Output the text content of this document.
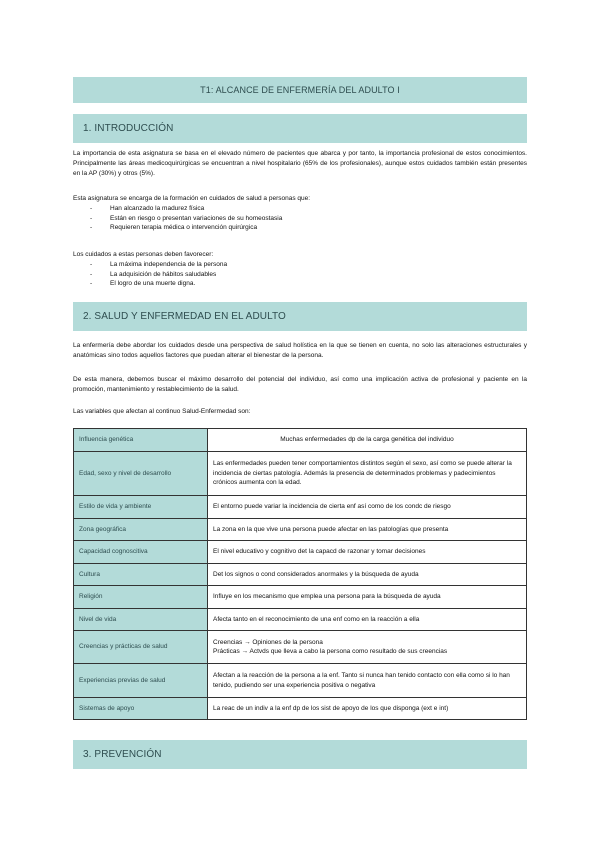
T1: ALCANCE DE ENFERMERÍA DEL ADULTO I
1. INTRODUCCIÓN
La importancia de esta asignatura se basa en el elevado número de pacientes que abarca y por tanto, la importancia profesional de estos conocimientos. Principalmente las áreas medicoquirúrgicas se encuentran a nivel hospitalario (65% de los profesionales), aunque estos cuidados también están presentes en la AP (30%) y otros (5%).
Esta asignatura se encarga de la formación en cuidados de salud a personas que:
-	Han alcanzado la madurez física
-	Están en riesgo o presentan variaciones de su homeostasia
-	Requieren terapia médica o intervención quirúrgica
Los cuidados a estas personas deben favorecer:
-	La máxima independencia de la persona
-	La adquisición de hábitos saludables
-	El logro de una muerte digna.
2. SALUD Y ENFERMEDAD EN EL ADULTO
La enfermería debe abordar los cuidados desde una perspectiva de salud holística en la que se tienen en cuenta, no solo las alteraciones estructurales y anatómicas sino todos aquellos factores que puedan alterar el bienestar de la persona.
De esta manera, debemos buscar el máximo desarrollo del potencial del individuo, así como una implicación activa de profesional y paciente en la promoción, mantenimiento y restablecimiento de la salud.
Las variables que afectan al continuo Salud-Enfermedad son:
Influencia genética	Muchas enfermedades dp de la carga genética del individuo
Edad, sexo y nivel de desarrollo	Las enfermedades pueden tener comportamientos distintos según el sexo, así como se puede alterar la incidencia de ciertas patología. Además la presencia de determinados problemas y padecimientos crónicos aumenta con la edad.
Estilo de vida y ambiente	El entorno puede variar la incidencia de cierta enf así como de los condc de riesgo
Zona geográfica	La zona en la que vive una persona puede afectar en las patologías que presenta
Capacidad cognoscitiva	El nivel educativo y cognitivo det la capacd de razonar y tomar decisiones
Cultura	Det los signos o cond considerados anormales y la búsqueda de ayuda
Religión	Influye en los mecanismo que emplea una persona para la búsqueda de ayuda
Nivel de vida	Afecta tanto en el reconocimiento de una enf como en la reacción a ella
Creencias y prácticas de salud	Creencias → Opiniones de la persona
Prácticas → Actvds que lleva a cabo la persona como resultado de sus creencias

Experiencias previas de salud	Afectan a la reacción de la persona a la enf. Tanto si nunca han tenido contacto con ella como si lo han tenido, pudiendo ser una experiencia positiva o negativa
Sistemas de apoyo	La reac de un indiv a la enf dp de los sist de apoyo de los que disponga (ext e int)
3. PREVENCIÓN
